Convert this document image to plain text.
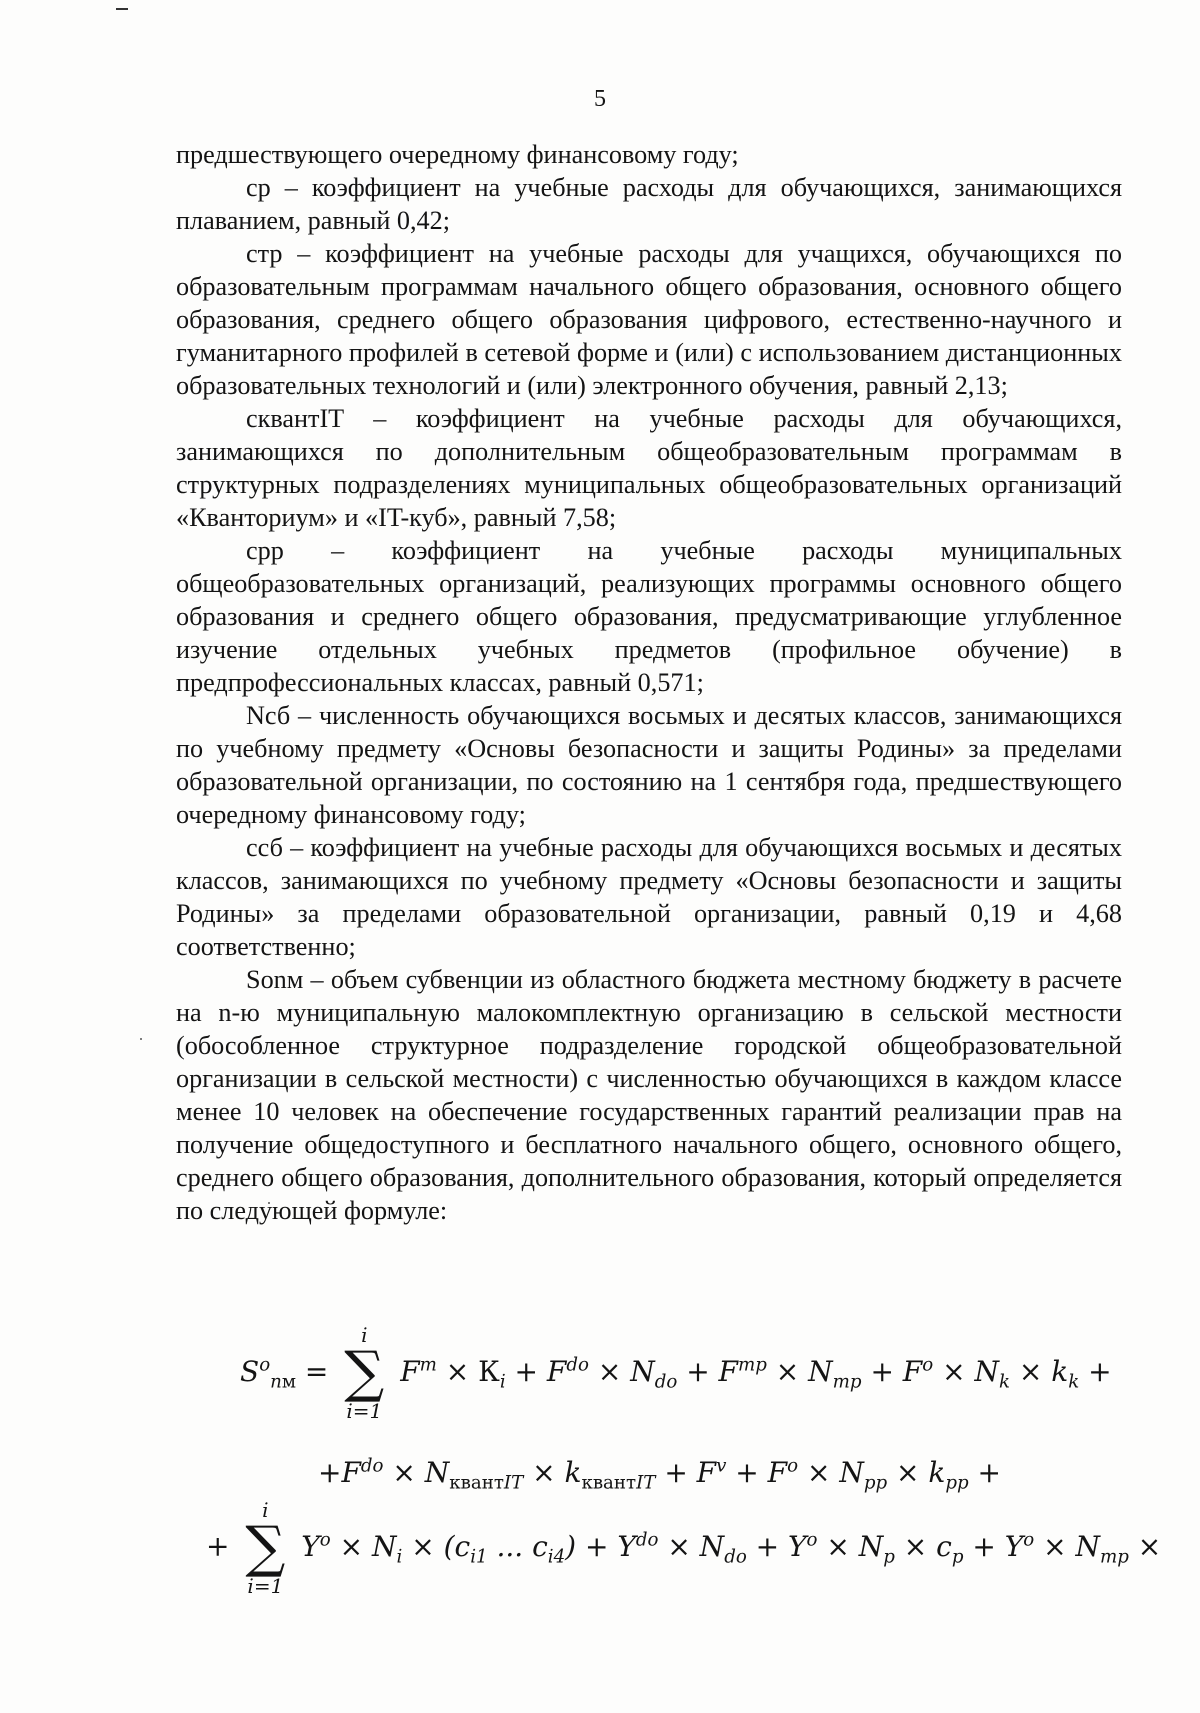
5

предшествующего очередному финансовому году;

cр – коэффициент на учебные расходы для обучающихся, занимающихся плаванием, равный 0,42;

cтр – коэффициент на учебные расходы для учащихся, обучающихся по образовательным программам начального общего образования, основного общего образования, среднего общего образования цифрового, естественно-научного и гуманитарного профилей в сетевой форме и (или) с использованием дистанционных образовательных технологий и (или) электронного обучения, равный 2,13;

cквантIT – коэффициент на учебные расходы для обучающихся, занимающихся по дополнительным общеобразовательным программам в структурных подразделениях муниципальных общеобразовательных организаций «Кванториум» и «IT-куб», равный 7,58;

cрр – коэффициент на учебные расходы муниципальных общеобразовательных организаций, реализующих программы основного общего образования и среднего общего образования, предусматривающие углубленное изучение отдельных учебных предметов (профильное обучение) в предпрофессиональных классах, равный 0,571;

Nсб – численность обучающихся восьмых и десятых классов, занимающихся по учебному предмету «Основы безопасности и защиты Родины» за пределами образовательной организации, по состоянию на 1 сентября года, предшествующего очередному финансовому году;

cсб – коэффициент на учебные расходы для обучающихся восьмых и десятых классов, занимающихся по учебному предмету «Основы безопасности и защиты Родины» за пределами образовательной организации, равный 0,19 и 4,68 соответственно;

Sоnм – объем субвенции из областного бюджета местному бюджету в расчете на n-ю муниципальную малокомплектную организацию в сельской местности (обособленное структурное подразделение городской общеобразовательной организации в сельской местности) с численностью обучающихся в каждом классе менее 10 человек на обеспечение государственных гарантий реализации прав на получение общедоступного и бесплатного начального общего, основного общего, среднего общего образования, дополнительного образования, который определяется по следующей формуле:

$S^o_{nм}$ =
i
∑
i=1
$F^m \times К_i + F^{do} \times N_{do} + F^{mp} \times N_{mp} + F^o \times N_k \times k_k$ +
$+F^{do} \times N_{квантIT} \times k_{квантIT} + F^v + F^o \times N_{pp} \times k_{pp}$ +
+
i
∑
i=1
$Y^o \times N_i \times (c_{i1}$ ... $c_{i4}) + Y^{do} \times N_{do} + Y^o \times N_p \times c_p + Y^o \times N_{mp}$ ×
